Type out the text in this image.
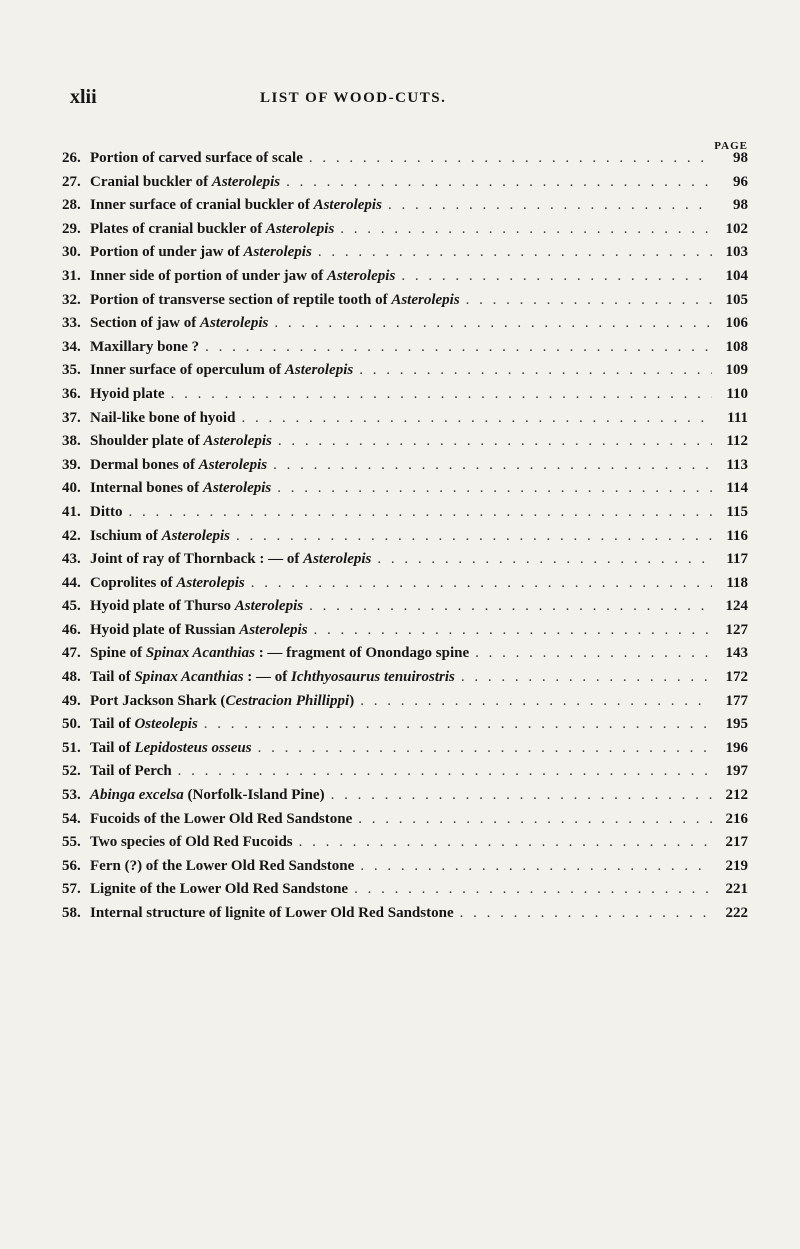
xlii	LIST OF WOOD-CUTS.
PAGE
26. Portion of carved surface of scale . . .	98
27. Cranial buckler of Asterolepis . . .	96
28. Inner surface of cranial buckler of Asterolepis . . .	98
29. Plates of cranial buckler of Asterolepis . . .	102
30. Portion of under jaw of Asterolepis . . .	103
31. Inner side of portion of under jaw of Asterolepis . . .	104
32. Portion of transverse section of reptile tooth of Asterolepis . . .	105
33. Section of jaw of Asterolepis . . .	106
34. Maxillary bone ? . . .	108
35. Inner surface of operculum of Asterolepis . . .	109
36. Hyoid plate . . .	110
37. Nail-like bone of hyoid . . .	111
38. Shoulder plate of Asterolepis . . .	112
39. Dermal bones of Asterolepis . . .	113
40. Internal bones of Asterolepis . . .	114
41. Ditto . . .	115
42. Ischium of Asterolepis . . .	116
43. Joint of ray of Thornback : — of Asterolepis . . .	117
44. Coprolites of Asterolepis . . .	118
45. Hyoid plate of Thurso Asterolepis . . .	124
46. Hyoid plate of Russian Asterolepis . . .	127
47. Spine of Spinax Acanthias : — fragment of Onondago spine . . .	143
48. Tail of Spinax Acanthias : — of Ichthyosaurus tenuirostris . . .	172
49. Port Jackson Shark (Cestracion Phillippi) . . .	177
50. Tail of Osteolepis . . .	195
51. Tail of Lepidosteus osseus . . .	196
52. Tail of Perch . . .	197
53. Abinga excelsa (Norfolk-Island Pine) . . .	212
54. Fucoids of the Lower Old Red Sandstone . . .	216
55. Two species of Old Red Fucoids . . .	217
56. Fern (?) of the Lower Old Red Sandstone . . .	219
57. Lignite of the Lower Old Red Sandstone . . .	221
58. Internal structure of lignite of Lower Old Red Sandstone . . .	222
